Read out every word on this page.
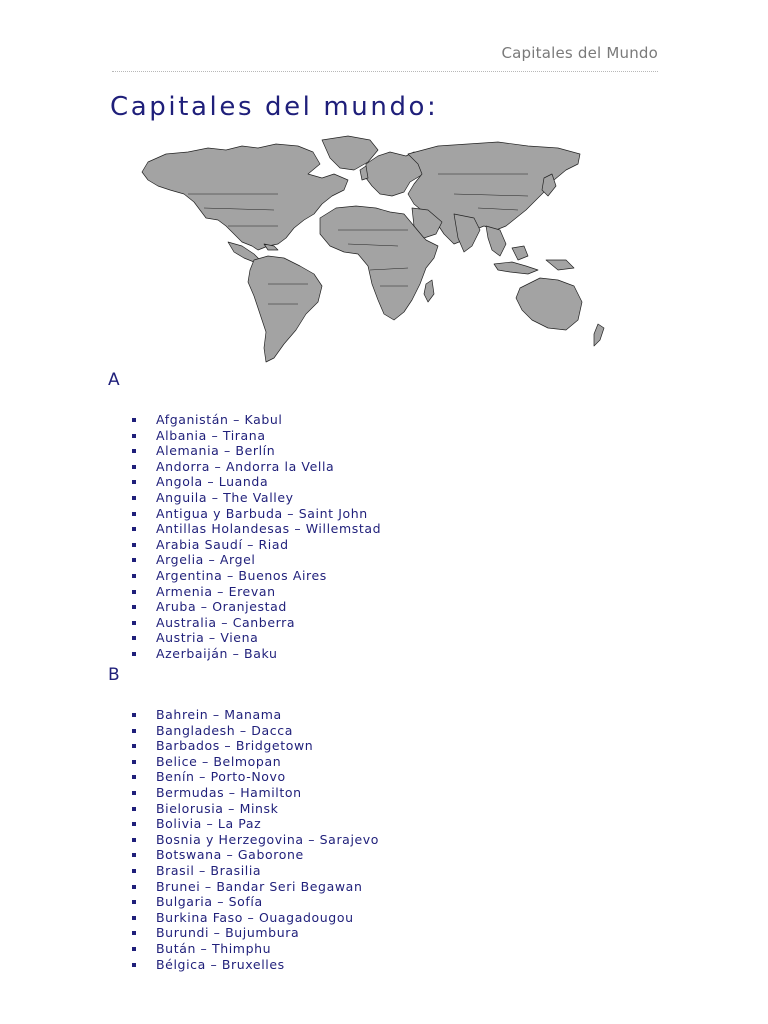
Capitales del Mundo
Capitales del mundo:
A
Afganistán – Kabul
Albania – Tirana
Alemania – Berlín
Andorra – Andorra la Vella
Angola – Luanda
Anguila – The Valley
Antigua y Barbuda – Saint John
Antillas Holandesas – Willemstad
Arabia Saudí – Riad
Argelia – Argel
Argentina – Buenos Aires
Armenia – Erevan
Aruba – Oranjestad
Australia – Canberra
Austria – Viena
Azerbaiján – Baku
B
Bahrein – Manama
Bangladesh – Dacca
Barbados – Bridgetown
Belice – Belmopan
Benín – Porto-Novo
Bermudas – Hamilton
Bielorusia – Minsk
Bolivia – La Paz
Bosnia y Herzegovina – Sarajevo
Botswana – Gaborone
Brasil – Brasilia
Brunei – Bandar Seri Begawan
Bulgaria – Sofía
Burkina Faso – Ouagadougou
Burundi – Bujumbura
Bután – Thimphu
Bélgica – Bruxelles
